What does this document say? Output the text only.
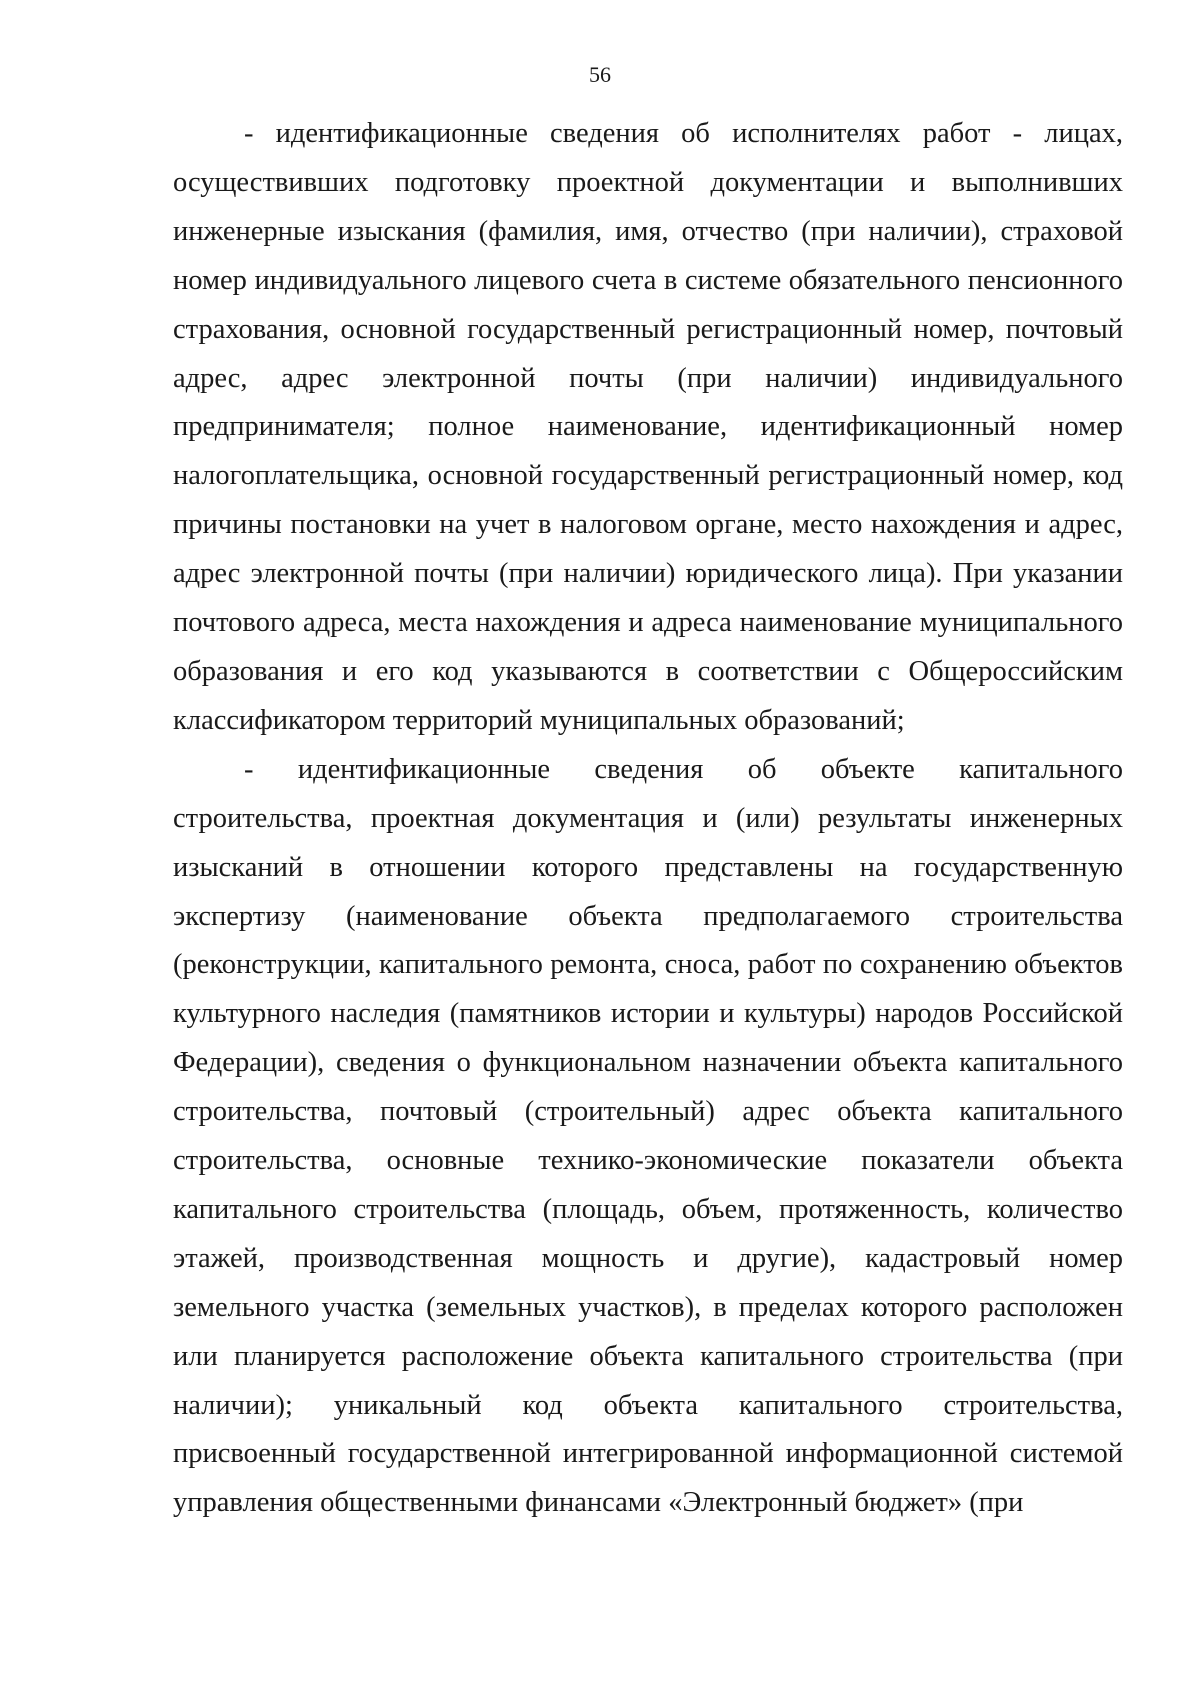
56

- идентификационные сведения об исполнителях работ - лицах, осуществивших подготовку проектной документации и выполнивших инженерные изыскания (фамилия, имя, отчество (при наличии), страховой номер индивидуального лицевого счета в системе обязательного пенсионного страхования, основной государственный регистрационный номер, почтовый адрес, адрес электронной почты (при наличии) индивидуального предпринимателя; полное наименование, идентификационный номер налогоплательщика, основной государственный регистрационный номер, код причины постановки на учет в налоговом органе, место нахождения и адрес, адрес электронной почты (при наличии) юридического лица). При указании почтового адреса, места нахождения и адреса наименование муниципального образования и его код указываются в соответствии с Общероссийским классификатором территорий муниципальных образований;

- идентификационные сведения об объекте капитального строительства, проектная документация и (или) результаты инженерных изысканий в отношении которого представлены на государственную экспертизу (наименование объекта предполагаемого строительства (реконструкции, капитального ремонта, сноса, работ по сохранению объектов культурного наследия (памятников истории и культуры) народов Российской Федерации), сведения о функциональном назначении объекта капитального строительства, почтовый (строительный) адрес объекта капитального строительства, основные технико-экономические показатели объекта капитального строительства (площадь, объем, протяженность, количество этажей, производственная мощность и другие), кадастровый номер земельного участка (земельных участков), в пределах которого расположен или планируется расположение объекта капитального строительства (при наличии); уникальный код объекта капитального строительства, присвоенный государственной интегрированной информационной системой управления общественными финансами «Электронный бюджет» (при
